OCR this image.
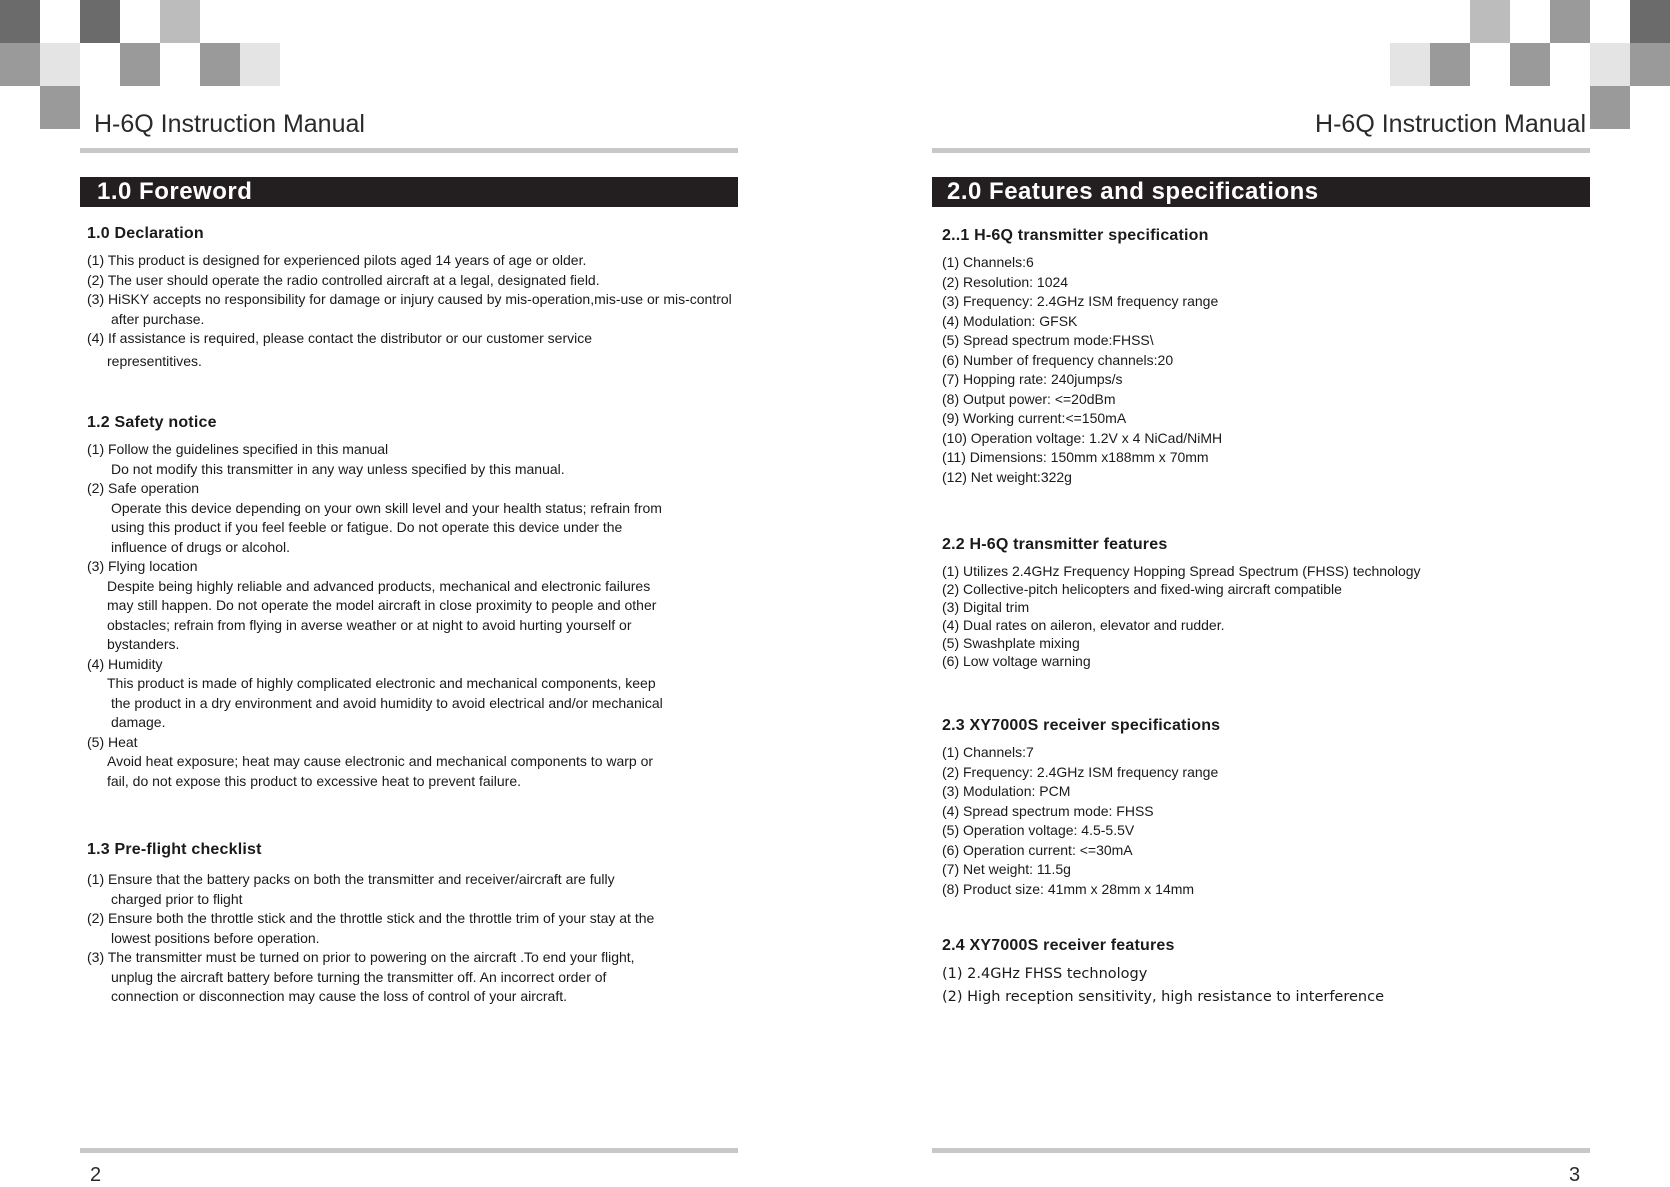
H-6Q Instruction Manual
1.0 Foreword
1.0 Declaration

(1) This product is designed for experienced pilots aged 14 years of age or older.

(2) The user should operate the radio controlled aircraft at a legal, designated field.

(3) HiSKY accepts no responsibility for damage or injury caused by mis-operation,mis-use or mis-control after purchase.

(4) If assistance is required, please contact the distributor or our customer service

representitives.

1.2 Safety notice

(1) Follow the guidelines specified in this manual

Do not modify this transmitter in any way unless specified by this manual.

(2) Safe operation

Operate this device depending on your own skill level and your health status; refrain from

using this product if you feel feeble or fatigue. Do not operate this device under the

influence of drugs or alcohol.

(3) Flying location

Despite being highly reliable and advanced products, mechanical and electronic failures

may still happen. Do not operate the model aircraft in close proximity to people and other

obstacles; refrain from flying in averse weather or at night to avoid hurting yourself or

bystanders.

(4) Humidity

This product is made of highly complicated electronic and mechanical components, keep

the product in a dry environment and avoid humidity to avoid electrical and/or mechanical

damage.

(5) Heat

Avoid heat exposure; heat may cause electronic and mechanical components to warp or

fail, do not expose this product to excessive heat to prevent failure.

1.3 Pre-flight checklist

(1) Ensure that the battery packs on both the transmitter and receiver/aircraft are fully

charged prior to flight

(2) Ensure both the throttle stick and the throttle stick and the throttle trim of your stay at the

lowest positions before operation.

(3) The transmitter must be turned on prior to powering on the aircraft .To end your flight,

unplug the aircraft battery before turning the transmitter off. An incorrect order of

connection or disconnection may cause the loss of control of your aircraft.

2
H-6Q Instruction Manual
2.0 Features and specifications
2..1 H-6Q transmitter specification

(1) Channels:6

(2) Resolution: 1024

(3) Frequency: 2.4GHz ISM frequency range

(4) Modulation: GFSK

(5) Spread spectrum mode:FHSS\

(6) Number of frequency channels:20

(7) Hopping rate: 240jumps/s

(8) Output power: <=20dBm

(9) Working current:<=150mA

(10) Operation voltage: 1.2V x 4 NiCad/NiMH

(11) Dimensions: 150mm x188mm x 70mm

(12) Net weight:322g

2.2 H-6Q transmitter features

(1) Utilizes 2.4GHz Frequency Hopping Spread Spectrum (FHSS) technology

(2) Collective-pitch helicopters and fixed-wing aircraft compatible

(3) Digital trim

(4) Dual rates on aileron, elevator and rudder.

(5) Swashplate mixing

(6) Low voltage warning

2.3 XY7000S receiver specifications

(1) Channels:7

(2) Frequency: 2.4GHz ISM frequency range

(3) Modulation: PCM

(4) Spread spectrum mode: FHSS

(5) Operation voltage: 4.5-5.5V

(6) Operation current: <=30mA

(7) Net weight: 11.5g

(8) Product size: 41mm x 28mm x 14mm

2.4 XY7000S receiver features

(1) 2.4GHz FHSS technology

(2) High reception sensitivity, high resistance to interference

3
